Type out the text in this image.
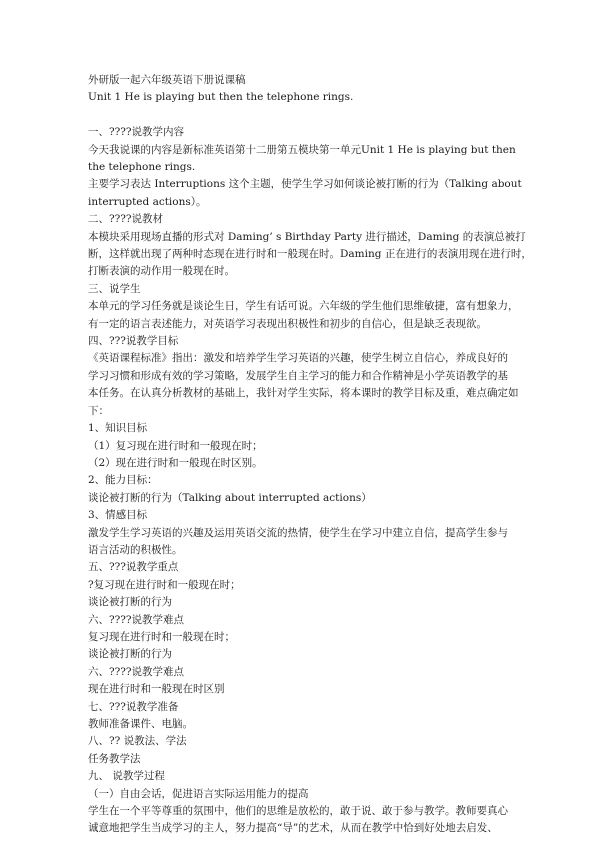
外研版一起六年级英语下册说课稿

Unit 1 He is playing but then the telephone rings.

一、????说教学内容

今天我说课的内容是新标准英语第十二册第五模块第一单元Unit 1 He is playing but then

the telephone rings.

主要学习表达 Interruptions 这个主题，使学生学习如何谈论被打断的行为（Talking about

interrupted actions）。

二、????说教材

本模块采用现场直播的形式对 Daming’ s Birthday Party 进行描述，Daming 的表演总被打

断，这样就出现了两种时态现在进行时和一般现在时。Daming 正在进行的表演用现在进行时，

打断表演的动作用一般现在时。

三、说学生

本单元的学习任务就是谈论生日，学生有话可说。六年级的学生他们思维敏捷，富有想象力，

有一定的语言表述能力，对英语学习表现出积极性和初步的自信心，但是缺乏表现欲。

四、???说教学目标

《英语课程标准》指出：激发和培养学生学习英语的兴趣，使学生树立自信心，养成良好的

学习习惯和形成有效的学习策略，发展学生自主学习的能力和合作精神是小学英语教学的基

本任务。在认真分析教材的基础上，我针对学生实际，将本课时的教学目标及重，难点确定如

下：

1、知识目标

（1）复习现在进行时和一般现在时；

（2）现在进行时和一般现在时区别。

2、能力目标：

谈论被打断的行为（Talking about interrupted actions）

3、情感目标

激发学生学习英语的兴趣及运用英语交流的热情，使学生在学习中建立自信，提高学生参与

语言活动的积极性。

五、???说教学重点

?复习现在进行时和一般现在时；

谈论被打断的行为

六、????说教学难点

复习现在进行时和一般现在时；

谈论被打断的行为

六、????说教学难点

现在进行时和一般现在时区别

七、???说教学准备

教师准备课件、电脑。

八、?? 说教法、学法

任务教学法

九、 说教学过程

（一）自由会话，促进语言实际运用能力的提高

学生在一个平等尊重的氛围中，他们的思维是放松的，敢于说、敢于参与教学。教师要真心

诚意地把学生当成学习的主人，努力提高“导”的艺术，从而在教学中恰到好处地去启发、
